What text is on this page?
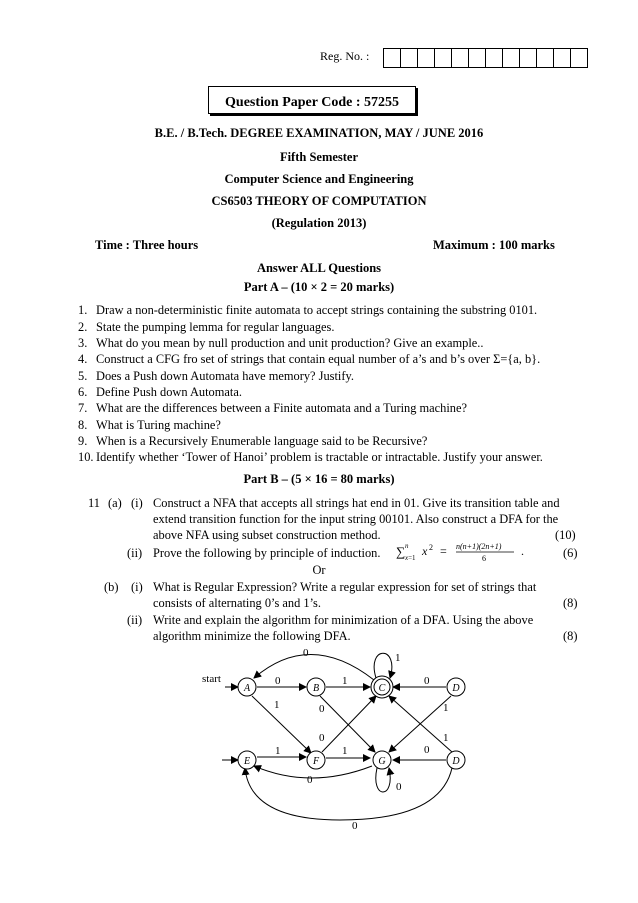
Reg. No. :
Question Paper Code : 57255
B.E. / B.Tech. DEGREE EXAMINATION, MAY / JUNE 2016
Fifth Semester
Computer Science and Engineering
CS6503 THEORY OF COMPUTATION
(Regulation 2013)
Time : Three hours	Maximum : 100 marks
Answer ALL Questions
Part A – (10 × 2 = 20 marks)
1. Draw a non-deterministic finite automata to accept strings containing the substring 0101.
2. State the pumping lemma for regular languages.
3. What do you mean by null production and unit production? Give an example..
4. Construct a CFG fro set of strings that contain equal number of a’s and b’s over Σ={a, b}.
5. Does a Push down Automata have memory? Justify.
6. Define Push down Automata.
7. What are the differences between a Finite automata and a Turing machine?
8. What is Turing machine?
9. When is a Recursively Enumerable language said to be Recursive?
10. Identify whether ‘Tower of Hanoi’ problem is tractable or intractable. Justify your answer.
Part B – (5 × 16 = 80 marks)
11 (a) (i) Construct a NFA that accepts all strings hat end in 01. Give its transition table and
extend transition function for the input string 00101. Also construct a DFA for the
above NFA using subset construction method.	(10)
(ii) Prove the following by principle of induction. ∑ n
x=1 x 2 = n(n+1)(2n+1)
6
.	(6)
Or
(b) (i) What is Regular Expression? Write a regular expression for set of strings that
consists of alternating 0’s and 1’s.	(8)
(ii) Write and explain the algorithm for minimization of a DFA. Using the above
algorithm minimize the following DFA.	(8)
A	B	C	D
E	F	G	D
start
0	1
0	1	0
1	0	1
0	1
0
1	1
0
0
0
